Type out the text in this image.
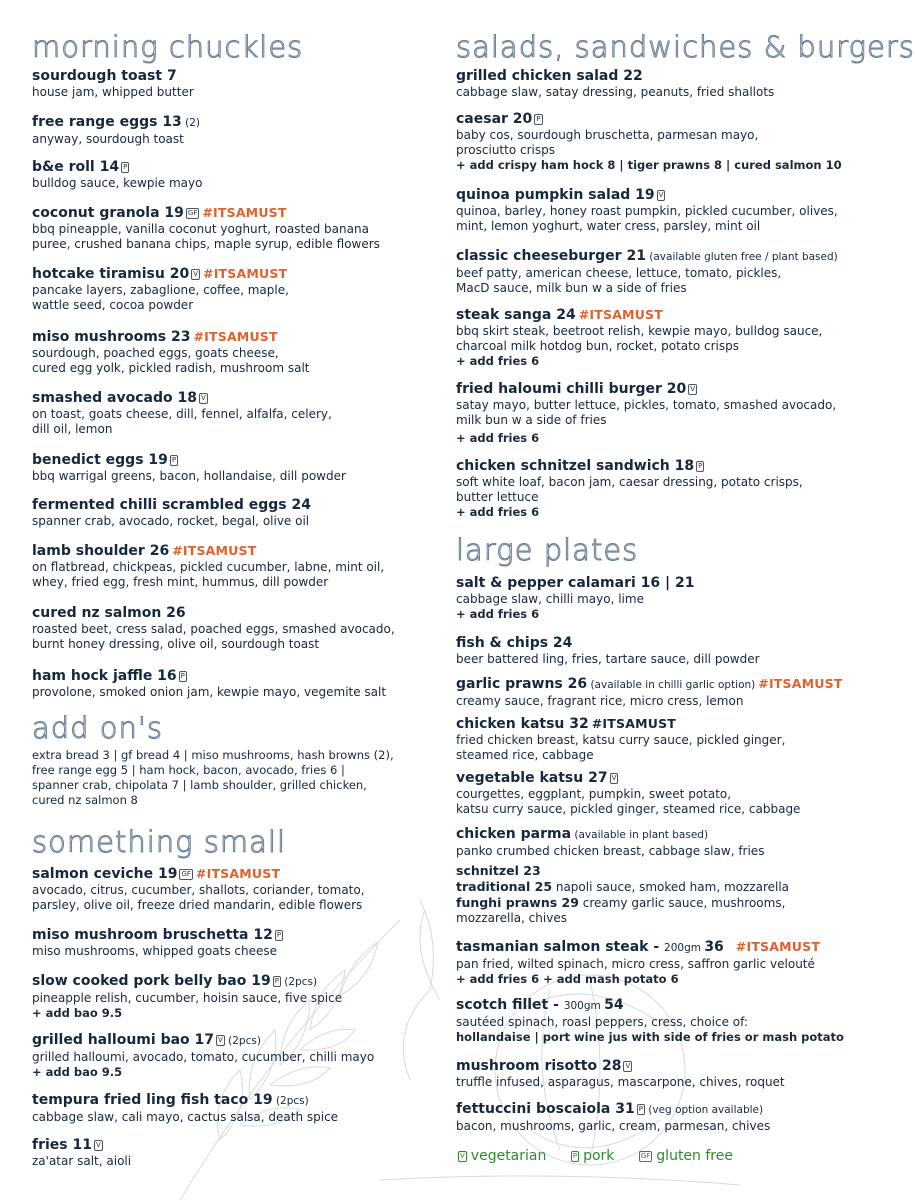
morning chuckles
sourdough toast 7
house jam, whipped butter
free range eggs 13 (2)
anyway, sourdough toast
b&e roll 14 P
bulldog sauce, kewpie mayo
coconut granola 19 GF #ITSAMUST
bbq pineapple, vanilla coconut yoghurt, roasted banana
puree, crushed banana chips, maple syrup, edible flowers
hotcake tiramisu 20 V #ITSAMUST
pancake layers, zabaglione, coffee, maple,
wattle seed, cocoa powder
miso mushrooms 23 #ITSAMUST
sourdough, poached eggs, goats cheese,
cured egg yolk, pickled radish, mushroom salt
smashed avocado 18 V
on toast, goats cheese, dill, fennel, alfalfa, celery,
dill oil, lemon
benedict eggs 19 P
bbq warrigal greens, bacon, hollandaise, dill powder
fermented chilli scrambled eggs 24
spanner crab, avocado, rocket, begal, olive oil
lamb shoulder 26 #ITSAMUST
on flatbread, chickpeas, pickled cucumber, labne, mint oil,
whey, fried egg, fresh mint, hummus, dill powder
cured nz salmon 26
roasted beet, cress salad, poached eggs, smashed avocado,
burnt honey dressing, olive oil, sourdough toast
ham hock jaffle 16 P
provolone, smoked onion jam, kewpie mayo, vegemite salt
add on's
extra bread 3 | gf bread 4 | miso mushrooms, hash browns (2),
free range egg 5 | ham hock, bacon, avocado, fries 6 |
spanner crab, chipolata 7 | lamb shoulder, grilled chicken,
cured nz salmon 8
something small
salmon ceviche 19 GF #ITSAMUST
avocado, citrus, cucumber, shallots, coriander, tomato,
parsley, olive oil, freeze dried mandarin, edible flowers
miso mushroom bruschetta 12 P
miso mushrooms, whipped goats cheese
slow cooked pork belly bao 19 P (2pcs)
pineapple relish, cucumber, hoisin sauce, five spice
+ add bao 9.5
grilled halloumi bao 17 V (2pcs)
grilled halloumi, avocado, tomato, cucumber, chilli mayo
+ add bao 9.5
tempura fried ling fish taco 19 (2pcs)
cabbage slaw, cali mayo, cactus salsa, death spice
fries 11 V
za'atar salt, aioli
salads, sandwiches & burgers
grilled chicken salad 22
cabbage slaw, satay dressing, peanuts, fried shallots
caesar 20 P
baby cos, sourdough bruschetta, parmesan mayo,
prosciutto crisps
+ add crispy ham hock 8 | tiger prawns 8 | cured salmon 10
quinoa pumpkin salad 19 V
quinoa, barley, honey roast pumpkin, pickled cucumber, olives,
mint, lemon yoghurt, water cress, parsley, mint oil
classic cheeseburger 21 (available gluten free / plant based)
beef patty, american cheese, lettuce, tomato, pickles,
MacD sauce, milk bun w a side of fries
steak sanga 24 #ITSAMUST
bbq skirt steak, beetroot relish, kewpie mayo, bulldog sauce,
charcoal milk hotdog bun, rocket, potato crisps
+ add fries 6
fried haloumi chilli burger 20 V
satay mayo, butter lettuce, pickles, tomato, smashed avocado,
milk bun w a side of fries
+ add fries 6
chicken schnitzel sandwich 18 P
soft white loaf, bacon jam, caesar dressing, potato crisps,
butter lettuce
+ add fries 6
large plates
salt & pepper calamari 16 | 21
cabbage slaw, chilli mayo, lime
+ add fries 6
fish & chips 24
beer battered ling, fries, tartare sauce, dill powder
garlic prawns 26 (available in chilli garlic option) #ITSAMUST
creamy sauce, fragrant rice, micro cress, lemon
chicken katsu 32 #ITSAMUST
fried chicken breast, katsu curry sauce, pickled ginger,
steamed rice, cabbage
vegetable katsu 27 V
courgettes, eggplant, pumpkin, sweet potato,
katsu curry sauce, pickled ginger, steamed rice, cabbage
chicken parma (available in plant based)
panko crumbed chicken breast, cabbage slaw, fries
schnitzel 23
traditional 25 napoli sauce, smoked ham, mozzarella
funghi prawns 29 creamy garlic sauce, mushrooms,
mozzarella, chives
tasmanian salmon steak - 200gm 36 #ITSAMUST
pan fried, wilted spinach, micro cress, saffron garlic velouté
+ add fries 6 + add mash potato 6
scotch fillet - 300gm 54
sautéed spinach, roasl peppers, cress, choice of:
hollandaise | port wine jus with side of fries or mash potato
mushroom risotto 28 V
truffle infused, asparagus, mascarpone, chives, roquet
fettuccini boscaiola 31 P (veg option available)
bacon, mushrooms, garlic, cream, parmesan, chives
V vegetarian	P pork	GF gluten free
